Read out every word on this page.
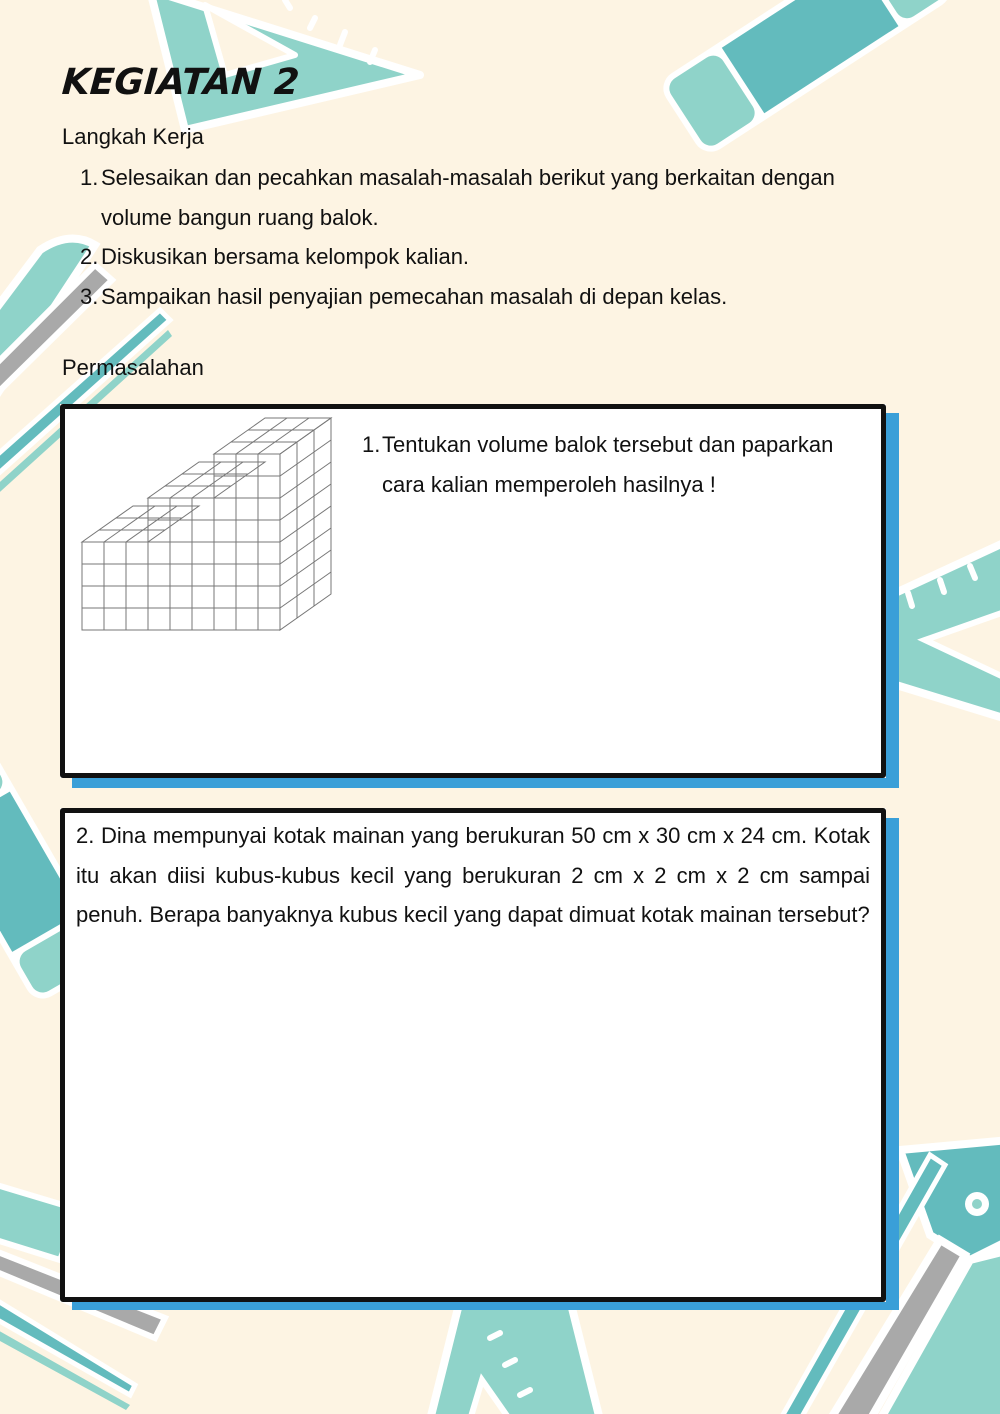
KEGIATAN 2
Langkah Kerja
1. Selesaikan dan pecahkan masalah-masalah berikut yang berkaitan dengan volume bangun ruang balok.
2. Diskusikan bersama kelompok kalian.
3. Sampaikan hasil penyajian pemecahan masalah di depan kelas.
Permasalahan
1. Tentukan volume balok tersebut dan paparkan cara kalian memperoleh hasilnya !
2. Dina mempunyai kotak mainan yang berukuran 50 cm x 30 cm x 24 cm. Kotak itu akan diisi kubus-kubus kecil yang berukuran 2 cm x 2 cm x 2 cm sampai penuh. Berapa banyaknya kubus kecil yang dapat dimuat kotak mainan tersebut?
